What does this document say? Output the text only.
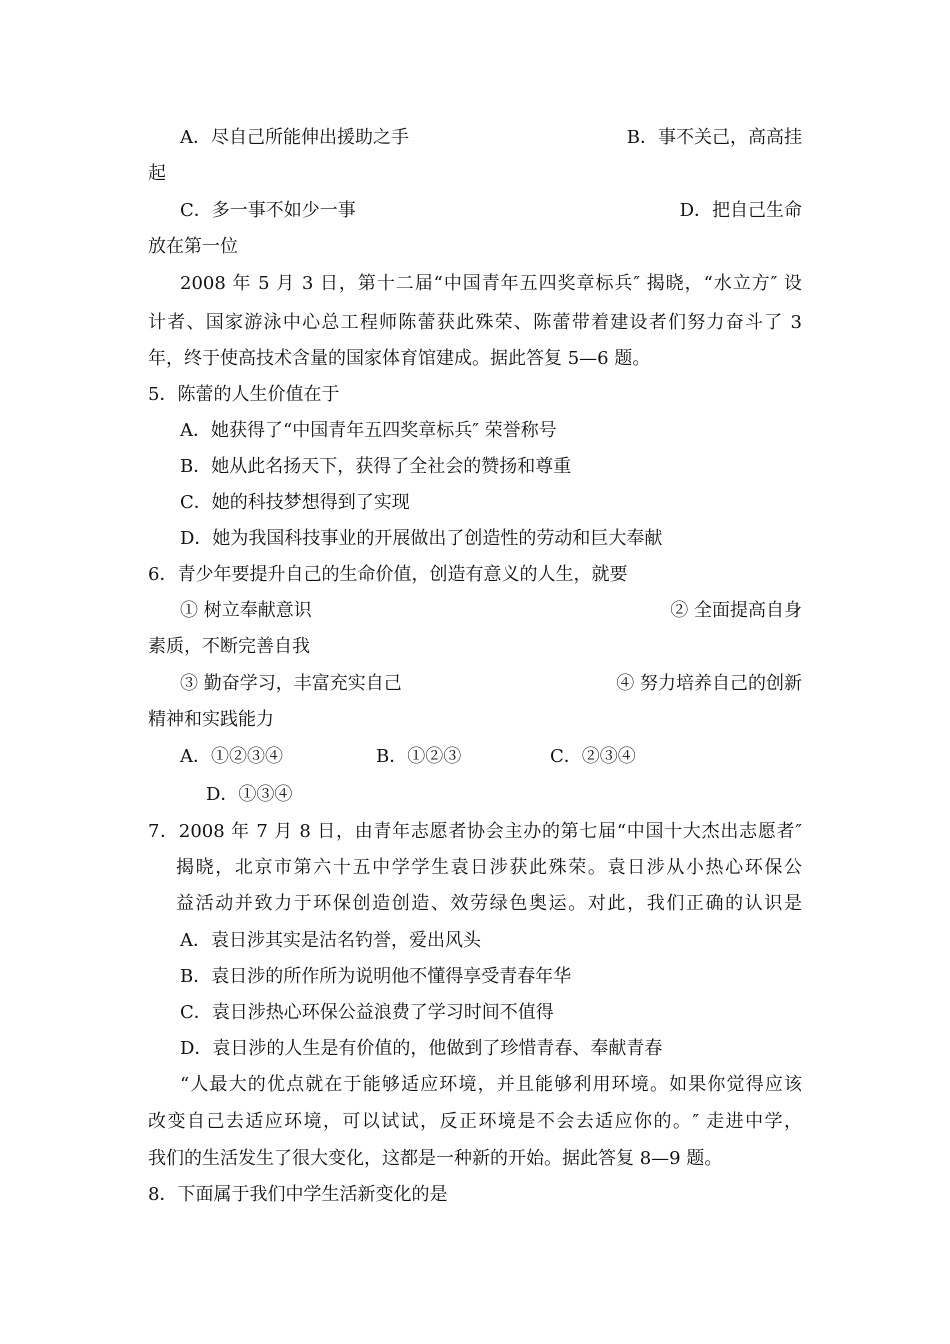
A．尽自己所能伸出援助之手	B．事不关己，高高挂
起
C．多一事不如少一事	D．把自己生命
放在第一位
2008 年 5 月 3 日，第十二届“中国青年五四奖章标兵″ 揭晓，“水立方″ 设
计者、国家游泳中心总工程师陈蕾获此殊荣、陈蕾带着建设者们努力奋斗了 3
年，终于使高技术含量的国家体育馆建成。据此答复 5—6 题。
5．陈蕾的人生价值在于
A．她获得了“中国青年五四奖章标兵″ 荣誉称号
B．她从此名扬天下，获得了全社会的赞扬和尊重
C．她的科技梦想得到了实现
D．她为我国科技事业的开展做出了创造性的劳动和巨大奉献
6．青少年要提升自己的生命价值，创造有意义的人生，就要
① 树立奉献意识	② 全面提高自身
素质，不断完善自我
③ 勤奋学习，丰富充实自己	④ 努力培养自己的创新
精神和实践能力
A．①②③④	B．①②③	C．②③④
D．①③④
7．2008 年 7 月 8 日，由青年志愿者协会主办的第七届“中国十大杰出志愿者″
揭晓，北京市第六十五中学学生袁日涉获此殊荣。袁日涉从小热心环保公
益活动并致力于环保创造创造、效劳绿色奥运。对此，我们正确的认识是
A．袁日涉其实是沽名钓誉，爱出风头
B．袁日涉的所作所为说明他不懂得享受青春年华
C．袁日涉热心环保公益浪费了学习时间不值得
D．袁日涉的人生是有价值的，他做到了珍惜青春、奉献青春
“人最大的优点就在于能够适应环境，并且能够利用环境。如果你觉得应该
改变自己去适应环境，可以试试，反正环境是不会去适应你的。″ 走进中学，
我们的生活发生了很大变化，这都是一种新的开始。据此答复 8—9 题。
8．下面属于我们中学生活新变化的是
